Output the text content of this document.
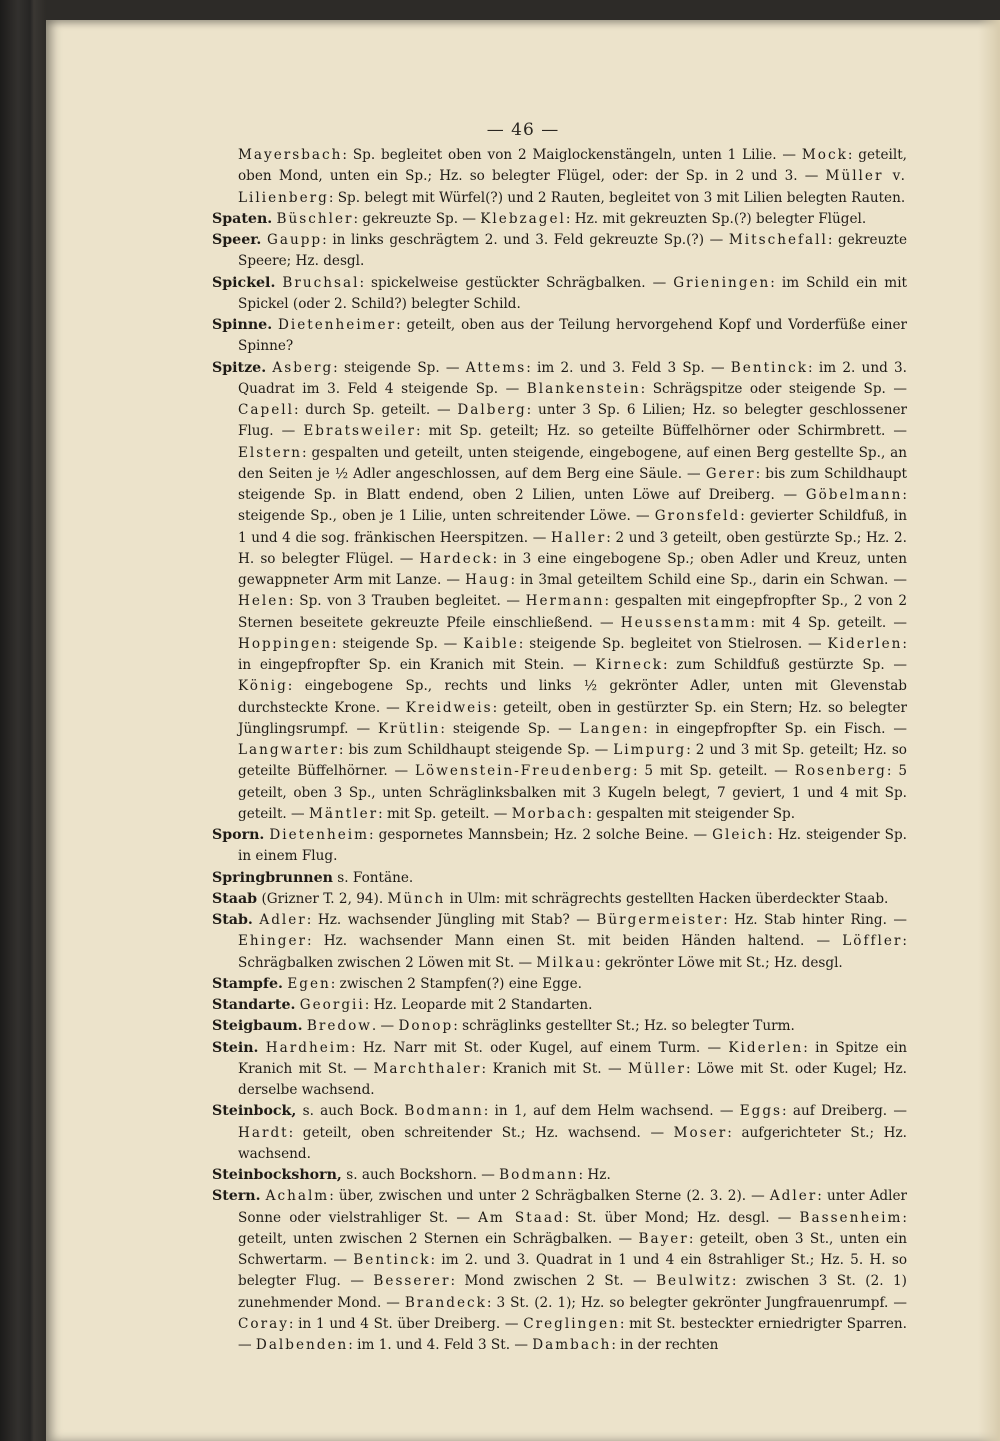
— 46 —

Mayersbach: Sp. begleitet oben von 2 Maiglockenstängeln, unten 1 Lilie. — Mock: geteilt, oben Mond, unten ein Sp.; Hz. so belegter Flügel, oder: der Sp. in 2 und 3. — Müller v. Lilienberg: Sp. belegt mit Würfel(?) und 2 Rauten, begleitet von 3 mit Lilien belegten Rauten.

Spaten. Büschler: gekreuzte Sp. — Klebzagel: Hz. mit gekreuzten Sp.(?) belegter Flügel.

Speer. Gaupp: in links geschrägtem 2. und 3. Feld gekreuzte Sp.(?) — Mitschefall: gekreuzte Speere; Hz. desgl.

Spickel. Bruchsal: spickelweise gestückter Schrägbalken. — Grieningen: im Schild ein mit Spickel (oder 2. Schild?) belegter Schild.

Spinne. Dietenheimer: geteilt, oben aus der Teilung hervorgehend Kopf und Vorderfüße einer Spinne?

Spitze. Asberg: steigende Sp. — Attems: im 2. und 3. Feld 3 Sp. — Bentinck: im 2. und 3. Quadrat im 3. Feld 4 steigende Sp. — Blankenstein: Schrägspitze oder steigende Sp. — Capell: durch Sp. geteilt. — Dalberg: unter 3 Sp. 6 Lilien; Hz. so belegter geschlossener Flug. — Ebratsweiler: mit Sp. geteilt; Hz. so geteilte Büffelhörner oder Schirmbrett. — Elstern: gespalten und geteilt, unten steigende, eingebogene, auf einen Berg gestellte Sp., an den Seiten je ½ Adler angeschlossen, auf dem Berg eine Säule. — Gerer: bis zum Schildhaupt steigende Sp. in Blatt endend, oben 2 Lilien, unten Löwe auf Dreiberg. — Göbelmann: steigende Sp., oben je 1 Lilie, unten schreitender Löwe. — Gronsfeld: gevierter Schildfuß, in 1 und 4 die sog. fränkischen Heerspitzen. — Haller: 2 und 3 geteilt, oben gestürzte Sp.; Hz. 2. H. so belegter Flügel. — Hardeck: in 3 eine eingebogene Sp.; oben Adler und Kreuz, unten gewappneter Arm mit Lanze. — Haug: in 3mal geteiltem Schild eine Sp., darin ein Schwan. — Helen: Sp. von 3 Trauben begleitet. — Hermann: gespalten mit eingepfropfter Sp., 2 von 2 Sternen beseitete gekreuzte Pfeile einschließend. — Heussenstamm: mit 4 Sp. geteilt. — Hoppingen: steigende Sp. — Kaible: steigende Sp. begleitet von Stielrosen. — Kiderlen: in eingepfropfter Sp. ein Kranich mit Stein. — Kirneck: zum Schildfuß gestürzte Sp. — König: eingebogene Sp., rechts und links ½ gekrönter Adler, unten mit Glevenstab durchsteckte Krone. — Kreidweis: geteilt, oben in gestürzter Sp. ein Stern; Hz. so belegter Jünglingsrumpf. — Krütlin: steigende Sp. — Langen: in eingepfropfter Sp. ein Fisch. — Langwarter: bis zum Schildhaupt steigende Sp. — Limpurg: 2 und 3 mit Sp. geteilt; Hz. so geteilte Büffelhörner. — Löwenstein-Freudenberg: 5 mit Sp. geteilt. — Rosenberg: 5 geteilt, oben 3 Sp., unten Schräglinksbalken mit 3 Kugeln belegt, 7 geviert, 1 und 4 mit Sp. geteilt. — Mäntler: mit Sp. geteilt. — Morbach: gespalten mit steigender Sp.

Sporn. Dietenheim: gespornetes Mannsbein; Hz. 2 solche Beine. — Gleich: Hz. steigender Sp. in einem Flug.

Springbrunnen s. Fontäne.

Staab (Grizner T. 2, 94). Münch in Ulm: mit schrägrechts gestellten Hacken überdeckter Staab.

Stab. Adler: Hz. wachsender Jüngling mit Stab? — Bürgermeister: Hz. Stab hinter Ring. — Ehinger: Hz. wachsender Mann einen St. mit beiden Händen haltend. — Löffler: Schrägbalken zwischen 2 Löwen mit St. — Milkau: gekrönter Löwe mit St.; Hz. desgl.

Stampfe. Egen: zwischen 2 Stampfen(?) eine Egge.

Standarte. Georgii: Hz. Leoparde mit 2 Standarten.

Steigbaum. Bredow. — Donop: schräglinks gestellter St.; Hz. so belegter Turm.

Stein. Hardheim: Hz. Narr mit St. oder Kugel, auf einem Turm. — Kiderlen: in Spitze ein Kranich mit St. — Marchthaler: Kranich mit St. — Müller: Löwe mit St. oder Kugel; Hz. derselbe wachsend.

Steinbock, s. auch Bock. Bodmann: in 1, auf dem Helm wachsend. — Eggs: auf Dreiberg. — Hardt: geteilt, oben schreitender St.; Hz. wachsend. — Moser: aufgerichteter St.; Hz. wachsend.

Steinbockshorn, s. auch Bockshorn. — Bodmann: Hz.

Stern. Achalm: über, zwischen und unter 2 Schrägbalken Sterne (2. 3. 2). — Adler: unter Adler Sonne oder vielstrahliger St. — Am Staad: St. über Mond; Hz. desgl. — Bassenheim: geteilt, unten zwischen 2 Sternen ein Schrägbalken. — Bayer: geteilt, oben 3 St., unten ein Schwertarm. — Bentinck: im 2. und 3. Quadrat in 1 und 4 ein 8strahliger St.; Hz. 5. H. so belegter Flug. — Besserer: Mond zwischen 2 St. — Beulwitz: zwischen 3 St. (2. 1) zunehmender Mond. — Brandeck: 3 St. (2. 1); Hz. so belegter gekrönter Jungfrauenrumpf. — Coray: in 1 und 4 St. über Dreiberg. — Creglingen: mit St. besteckter erniedrigter Sparren. — Dalbenden: im 1. und 4. Feld 3 St. — Dambach: in der rechten
